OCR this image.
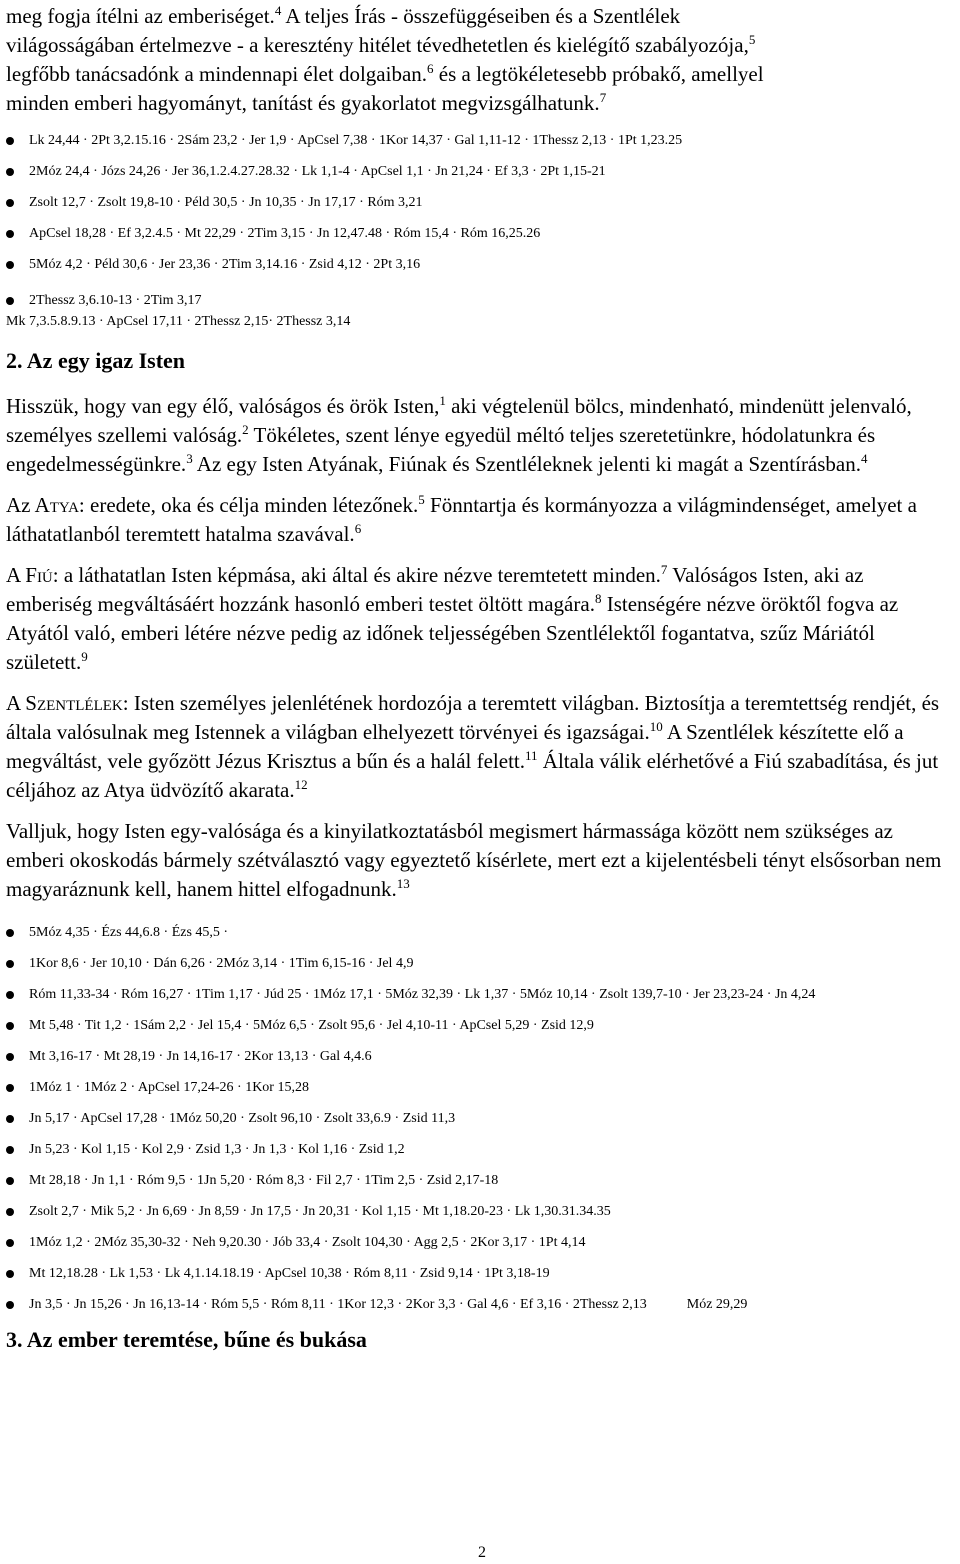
meg fogja ítélni az emberiséget.$^4$ A teljes Írás - összefüggéseiben és a Szentlélek
világosságában értelmezve - a keresztény hitélet tévedhetetlen és kielégítő szabályozója,$^5$
legfőbb tanácsadónk a mindennapi élet dolgaiban.$^6$ és a legtökéletesebb próbakő, amellyel
minden emberi hagyományt, tanítást és gyakorlatot megvizsgálhatunk.$^7$
Lk 24,44 · 2Pt 3,2.15.16 · 2Sám 23,2 · Jer 1,9 · ApCsel 7,38 · 1Kor 14,37 · Gal 1,11-12 · 1Thessz 2,13 · 1Pt 1,23.25
2Móz 24,4 · Józs 24,26 · Jer 36,1.2.4.27.28.32 · Lk 1,1-4 · ApCsel 1,1 · Jn 21,24 · Ef 3,3 · 2Pt 1,15-21
Zsolt 12,7 · Zsolt 19,8-10 · Péld 30,5 · Jn 10,35 · Jn 17,17 · Róm 3,21
ApCsel 18,28 · Ef 3,2.4.5 · Mt 22,29 · 2Tim 3,15 · Jn 12,47.48 · Róm 15,4 · Róm 16,25.26
5Móz 4,2 · Péld 30,6 · Jer 23,36 · 2Tim 3,14.16 · Zsid 4,12 · 2Pt 3,16
2Thessz 3,6.10-13 · 2Tim 3,17

Mk 7,3.5.8.9.13 · ApCsel 17,11 · 2Thessz 2,15· 2Thessz 3,14

2. Az egy igaz Isten

Hisszük, hogy van egy élő, valóságos és örök Isten,$^1$ aki végtelenül bölcs, mindenható, mindenütt jelenvaló, személyes szellemi valóság.$^2$ Tökéletes, szent lénye egyedül méltó teljes szeretetünkre, hódolatunkra és engedelmességünkre.$^3$ Az egy Isten Atyának, Fiúnak és Szentléleknek jelenti ki magát a Szentírásban.$^4$

Az Atya: eredete, oka és célja minden létezőnek.$^5$ Fönntartja és kormányozza a világmindenséget, amelyet a láthatatlanból teremtett hatalma szavával.$^6$

A Fiú: a láthatatlan Isten képmása, aki által és akire nézve teremtetett minden.$^7$ Valóságos Isten, aki az emberiség megváltásáért hozzánk hasonló emberi testet öltött magára.$^8$ Istenségére nézve öröktől fogva az Atyától való, emberi létére nézve pedig az időnek teljességében Szentlélektől fogantatva, szűz Máriától született.$^9$

A Szentlélek: Isten személyes jelenlétének hordozója a teremtett világban. Biztosítja a teremtettség rendjét, és általa valósulnak meg Istennek a világban elhelyezett törvényei és igazságai.$^{10}$ A Szentlélek készítette elő a megváltást, vele győzött Jézus Krisztus a bűn és a halál felett.$^{11}$ Általa válik elérhetővé a Fiú szabadítása, és jut céljához az Atya üdvözítő akarata.$^{12}$

Valljuk, hogy Isten egy-valósága és a kinyilatkoztatásból megismert hármassága között nem szükséges az emberi okoskodás bármely szétválasztó vagy egyeztető kísérlete, mert ezt a kijelentésbeli tényt elsősorban nem magyaráznunk kell, hanem hittel elfogadnunk.$^{13}$

5Móz 4,35 · Ézs 44,6.8 · Ézs 45,5 ·
1Kor 8,6 · Jer 10,10 · Dán 6,26 · 2Móz 3,14 · 1Tim 6,15-16 · Jel 4,9
Róm 11,33-34 · Róm 16,27 · 1Tim 1,17 · Júd 25 · 1Móz 17,1 · 5Móz 32,39 · Lk 1,37 · 5Móz 10,14 · Zsolt 139,7-10 · Jer 23,23-24 · Jn 4,24
Mt 5,48 · Tit 1,2 · 1Sám 2,2 · Jel 15,4 · 5Móz 6,5 · Zsolt 95,6 · Jel 4,10-11 · ApCsel 5,29 · Zsid 12,9
Mt 3,16-17 · Mt 28,19 · Jn 14,16-17 · 2Kor 13,13 · Gal 4,4.6
1Móz 1 · 1Móz 2 · ApCsel 17,24-26 · 1Kor 15,28
Jn 5,17 · ApCsel 17,28 · 1Móz 50,20 · Zsolt 96,10 · Zsolt 33,6.9 · Zsid 11,3
Jn 5,23 · Kol 1,15 · Kol 2,9 · Zsid 1,3 · Jn 1,3 · Kol 1,16 · Zsid 1,2
Mt 28,18 · Jn 1,1 · Róm 9,5 · 1Jn 5,20 · Róm 8,3 · Fil 2,7 · 1Tim 2,5 · Zsid 2,17-18
Zsolt 2,7 · Mik 5,2 · Jn 6,69 · Jn 8,59 · Jn 17,5 · Jn 20,31 · Kol 1,15 · Mt 1,18.20-23 · Lk 1,30.31.34.35
1Móz 1,2 · 2Móz 35,30-32 · Neh 9,20.30 · Jób 33,4 · Zsolt 104,30 · Agg 2,5 · 2Kor 3,17 · 1Pt 4,14
Mt 12,18.28 · Lk 1,53 · Lk 4,1.14.18.19 · ApCsel 10,38 · Róm 8,11 · Zsid 9,14 · 1Pt 3,18-19
Jn 3,5 · Jn 15,26 · Jn 16,13-14 · Róm 5,5 · Róm 8,11 · 1Kor 12,3 · 2Kor 3,3 · Gal 4,6 · Ef 3,16 · 2Thessz 2,13	Móz 29,29
3. Az ember teremtése, bűne és bukása
2
